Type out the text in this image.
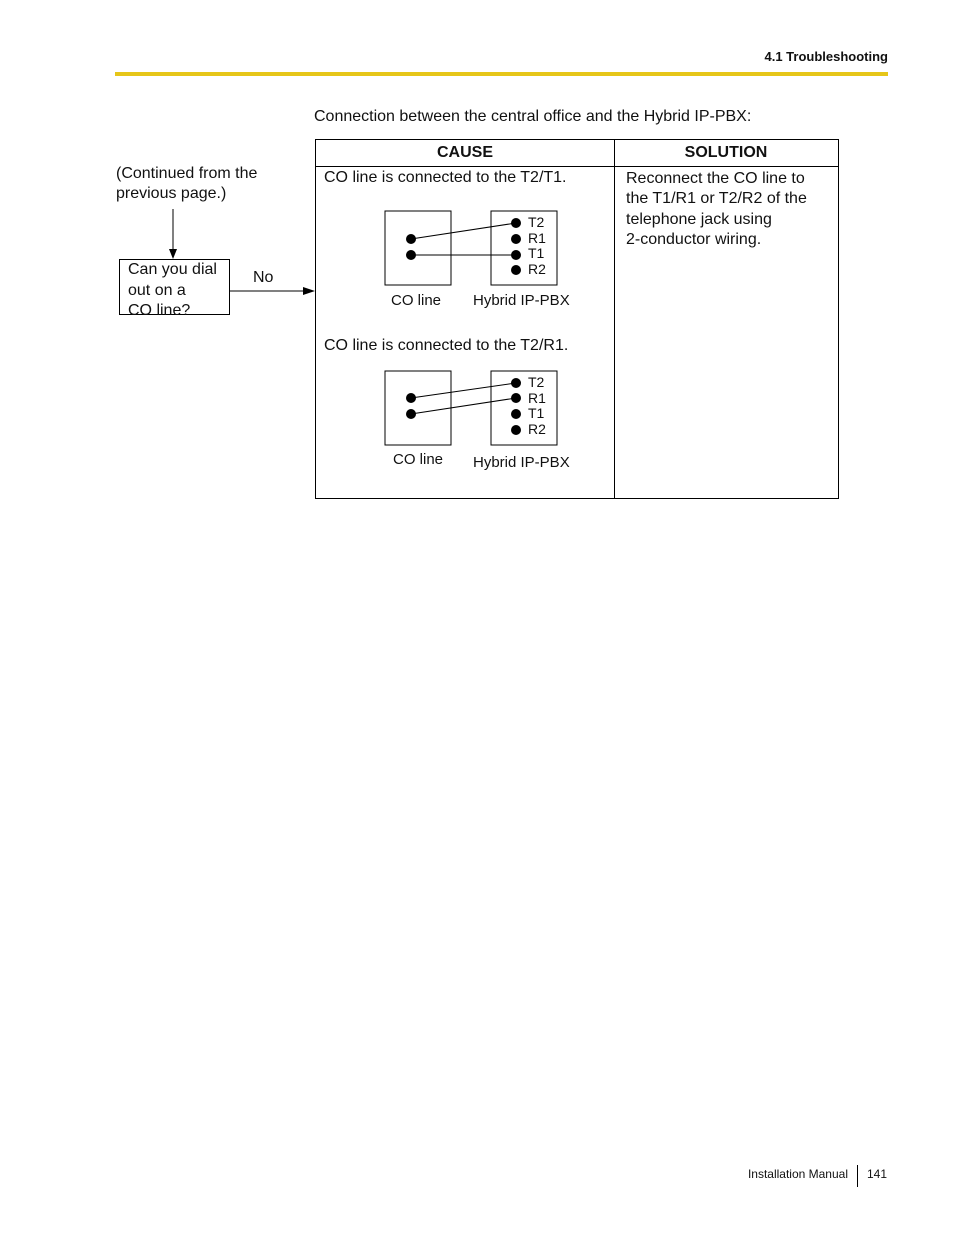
4.1 Troubleshooting
Connection between the central office and the Hybrid IP-PBX:
(Continued from the previous page.)
Can you dial
out on a
CO line?
No
CAUSE	SOLUTION
CO line is connected to the T2/T1.
CO line is connected to the T2/R1.
Reconnect the CO line to
the T1/R1 or T2/R2 of the
telephone jack using
2-conductor wiring.
T2
R1
T1
R2
CO line Hybrid IP-PBX
T2
R1
T1
R2
CO line Hybrid IP-PBX
Installation Manual 141
